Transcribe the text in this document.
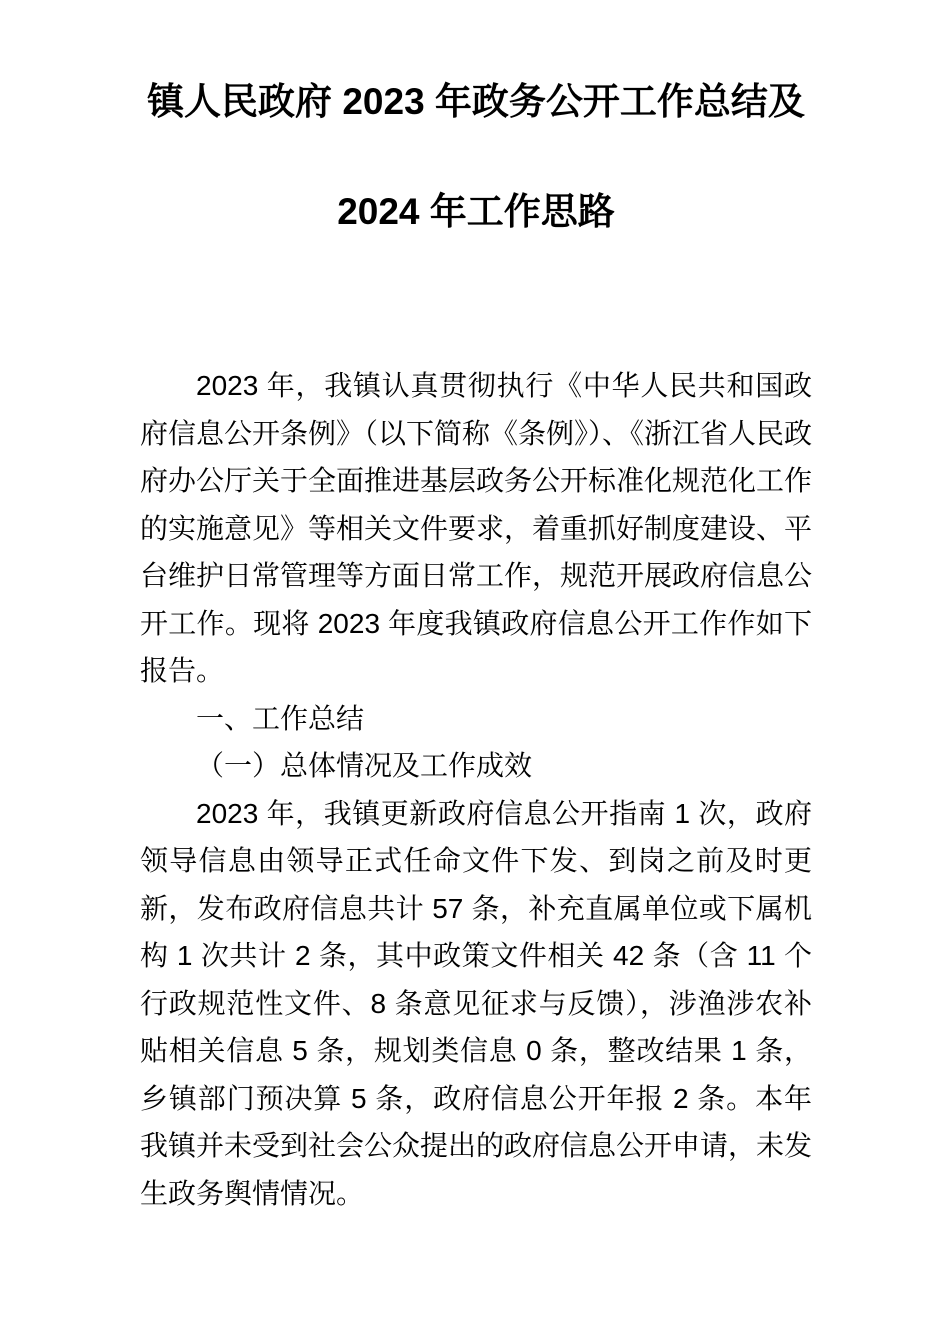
镇人民政府 2023 年政务公开工作总结及
2024 年工作思路

2023 年，我镇认真贯彻执行《中华人民共和国政府信息公开条例》（以下简称《条例》）、《浙江省人民政府办公厅关于全面推进基层政务公开标准化规范化工作的实施意见》等相关文件要求，着重抓好制度建设、平台维护日常管理等方面日常工作，规范开展政府信息公开工作。现将 2023 年度我镇政府信息公开工作作如下报告。

一、工作总结

（一）总体情况及工作成效

2023 年，我镇更新政府信息公开指南 1 次，政府领导信息由领导正式任命文件下发、到岗之前及时更新，发布政府信息共计 57 条，补充直属单位或下属机构 1 次共计 2 条，其中政策文件相关 42 条（含 11 个行政规范性文件、8 条意见征求与反馈），涉渔涉农补贴相关信息 5 条，规划类信息 0 条，整改结果 1 条，乡镇部门预决算 5 条，政府信息公开年报 2 条。本年我镇并未受到社会公众提出的政府信息公开申请，未发生政务舆情情况。
